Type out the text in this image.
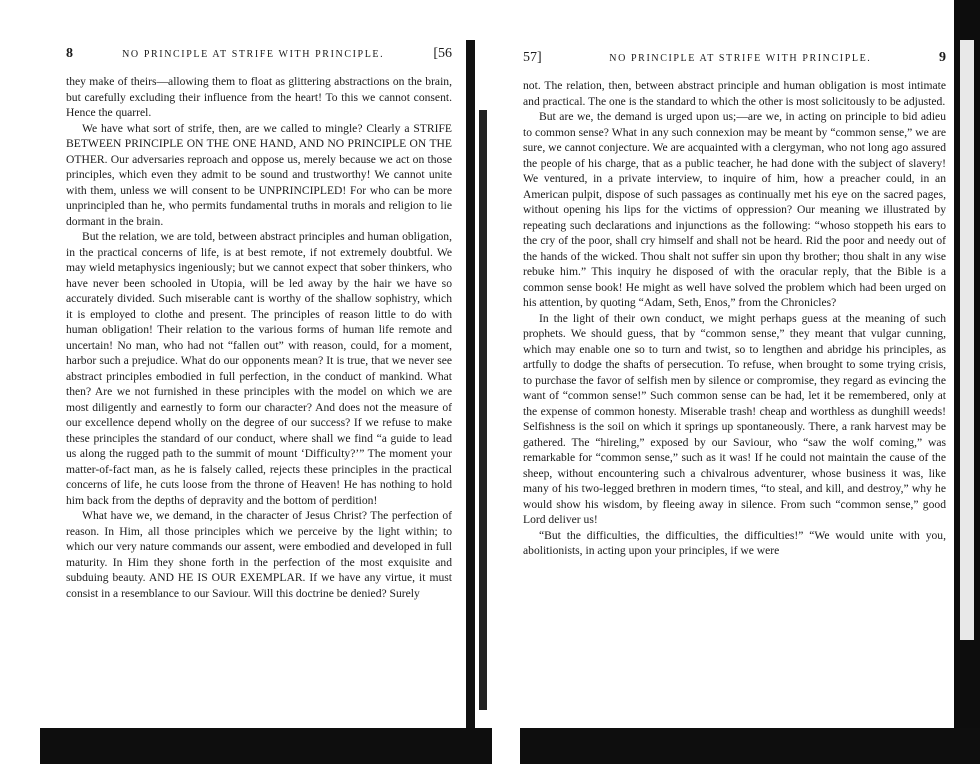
8	NO PRINCIPLE AT STRIFE WITH PRINCIPLE.	[56

they make of theirs—allowing them to float as glittering abstractions on the brain, but carefully excluding their influence from the heart! To this we cannot consent. Hence the quarrel.

We have what sort of strife, then, are we called to mingle? Clearly a STRIFE BETWEEN PRINCIPLE ON THE ONE HAND, AND NO PRINCIPLE ON THE OTHER. Our adversaries reproach and oppose us, merely because we act on those principles, which even they admit to be sound and trustworthy! We cannot unite with them, unless we will consent to be UNPRINCIPLED! For who can be more unprincipled than he, who permits fundamental truths in morals and religion to lie dormant in the brain.

But the relation, we are told, between abstract principles and human obligation, in the practical concerns of life, is at best remote, if not extremely doubtful. We may wield metaphysics ingeniously; but we cannot expect that sober thinkers, who have never been schooled in Utopia, will be led away by the hair we have so accurately divided. Such miserable cant is worthy of the shallow sophistry, which it is employed to clothe and present. The principles of reason little to do with human obligation! Their relation to the various forms of human life remote and uncertain! No man, who had not “fallen out” with reason, could, for a moment, harbor such a prejudice. What do our opponents mean? It is true, that we never see abstract principles embodied in full perfection, in the conduct of mankind. What then? Are we not furnished in these principles with the model on which we are most diligently and earnestly to form our character? And does not the measure of our excellence depend wholly on the degree of our success? If we refuse to make these principles the standard of our conduct, where shall we find “a guide to lead us along the rugged path to the summit of mount ‘Difficulty?’” The moment your matter-of-fact man, as he is falsely called, rejects these principles in the practical concerns of life, he cuts loose from the throne of Heaven! He has nothing to hold him back from the depths of depravity and the bottom of perdition!

What have we, we demand, in the character of Jesus Christ? The perfection of reason. In Him, all those principles which we perceive by the light within; to which our very nature commands our assent, were embodied and developed in full maturity. In Him they shone forth in the perfection of the most exquisite and subduing beauty. AND HE IS OUR EXEMPLAR. If we have any virtue, it must consist in a resemblance to our Saviour. Will this doctrine be denied? Surely

57]	NO PRINCIPLE AT STRIFE WITH PRINCIPLE.	9

not. The relation, then, between abstract principle and human obligation is most intimate and practical. The one is the standard to which the other is most solicitously to be adjusted.

But are we, the demand is urged upon us;—are we, in acting on principle to bid adieu to common sense? What in any such connexion may be meant by “common sense,” we are sure, we cannot conjecture. We are acquainted with a clergyman, who not long ago assured the people of his charge, that as a public teacher, he had done with the subject of slavery! We ventured, in a private interview, to inquire of him, how a preacher could, in an American pulpit, dispose of such passages as continually met his eye on the sacred pages, without opening his lips for the victims of oppression? Our meaning we illustrated by repeating such declarations and injunctions as the following: “whoso stoppeth his ears to the cry of the poor, shall cry himself and shall not be heard. Rid the poor and needy out of the hands of the wicked. Thou shalt not suffer sin upon thy brother; thou shalt in any wise rebuke him.” This inquiry he disposed of with the oracular reply, that the Bible is a common sense book! He might as well have solved the problem which had been urged on his attention, by quoting “Adam, Seth, Enos,” from the Chronicles?

In the light of their own conduct, we might perhaps guess at the meaning of such prophets. We should guess, that by “common sense,” they meant that vulgar cunning, which may enable one so to turn and twist, so to lengthen and abridge his principles, as artfully to dodge the shafts of persecution. To refuse, when brought to some trying crisis, to purchase the favor of selfish men by silence or compromise, they regard as evincing the want of “common sense!” Such common sense can be had, let it be remembered, only at the expense of common honesty. Miserable trash! cheap and worthless as dunghill weeds! Selfishness is the soil on which it springs up spontaneously. There, a rank harvest may be gathered. The “hireling,” exposed by our Saviour, who “saw the wolf coming,” was remarkable for “common sense,” such as it was! If he could not maintain the cause of the sheep, without encountering such a chivalrous adventurer, whose business it was, like many of his two-legged brethren in modern times, “to steal, and kill, and destroy,” why he would show his wisdom, by fleeing away in silence. From such “common sense,” good Lord deliver us!

“But the difficulties, the difficulties, the difficulties!” “We would unite with you, abolitionists, in acting upon your principles, if we were
